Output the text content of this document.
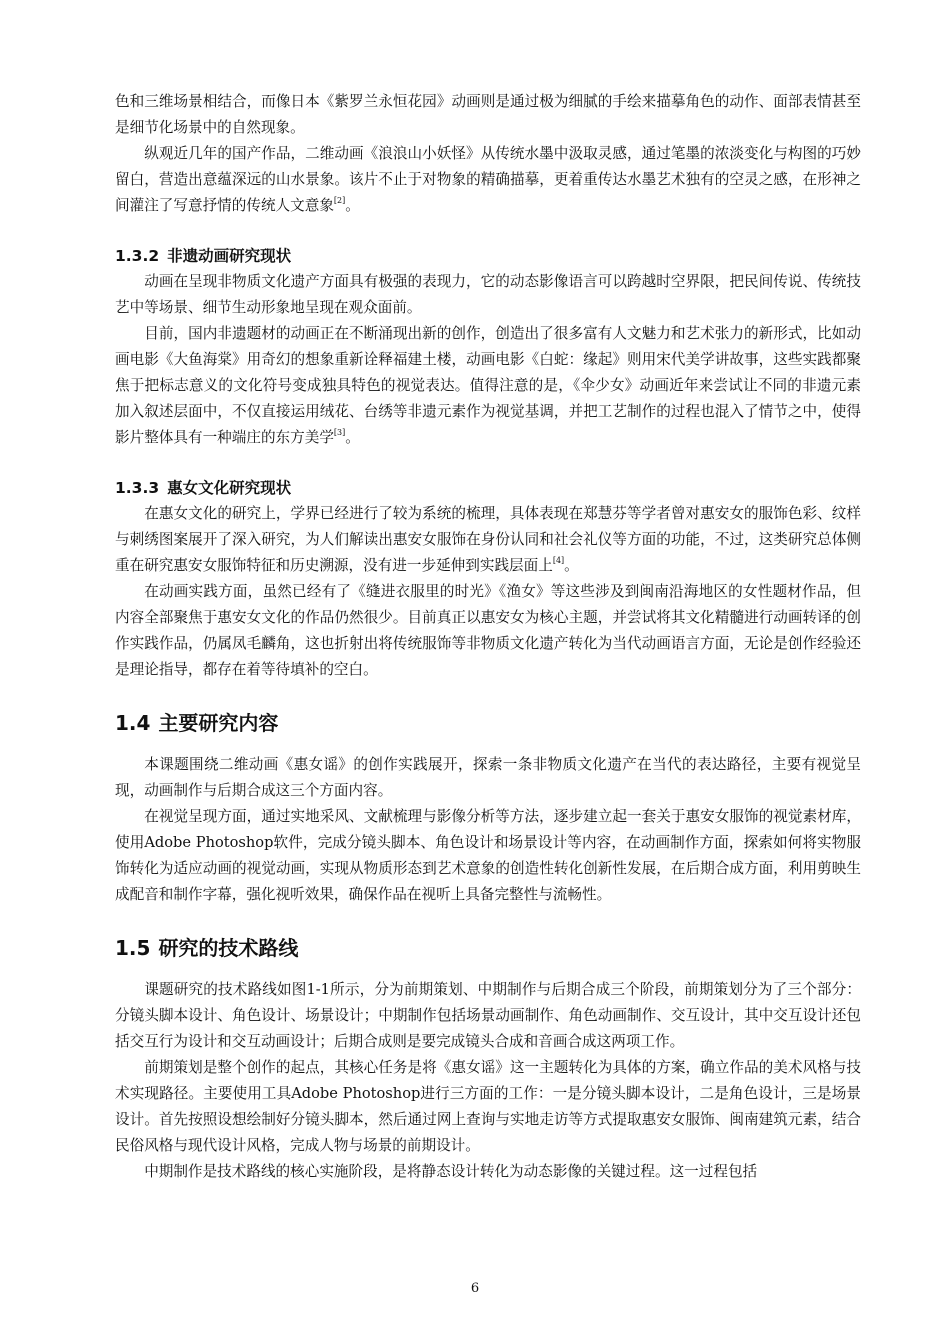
色和三维场景相结合，而像日本《紫罗兰永恒花园》动画则是通过极为细腻的手绘来描摹角色的动作、面部表情甚至是细节化场景中的自然现象。

纵观近几年的国产作品，二维动画《浪浪山小妖怪》从传统水墨中汲取灵感，通过笔墨的浓淡变化与构图的巧妙留白，营造出意蕴深远的山水景象。该片不止于对物象的精确描摹，更着重传达水墨艺术独有的空灵之感，在形神之间灌注了写意抒情的传统人文意象[2]。

1.3.2 非遗动画研究现状

动画在呈现非物质文化遗产方面具有极强的表现力，它的动态影像语言可以跨越时空界限，把民间传说、传统技艺中等场景、细节生动形象地呈现在观众面前。

目前，国内非遗题材的动画正在不断涌现出新的创作，创造出了很多富有人文魅力和艺术张力的新形式，比如动画电影《大鱼海棠》用奇幻的想象重新诠释福建土楼，动画电影《白蛇：缘起》则用宋代美学讲故事，这些实践都聚焦于把标志意义的文化符号变成独具特色的视觉表达。值得注意的是，《伞少女》动画近年来尝试让不同的非遗元素加入叙述层面中，不仅直接运用绒花、台绣等非遗元素作为视觉基调，并把工艺制作的过程也混入了情节之中，使得影片整体具有一种端庄的东方美学[3]。

1.3.3 惠女文化研究现状

在惠女文化的研究上，学界已经进行了较为系统的梳理，具体表现在郑慧芬等学者曾对惠安女的服饰色彩、纹样与刺绣图案展开了深入研究，为人们解读出惠安女服饰在身份认同和社会礼仪等方面的功能，不过，这类研究总体侧重在研究惠安女服饰特征和历史溯源，没有进一步延伸到实践层面上[4]。

在动画实践方面，虽然已经有了《缝进衣服里的时光》《渔女》等这些涉及到闽南沿海地区的女性题材作品，但内容全部聚焦于惠安女文化的作品仍然很少。目前真正以惠安女为核心主题，并尝试将其文化精髓进行动画转译的创作实践作品，仍属凤毛麟角，这也折射出将传统服饰等非物质文化遗产转化为当代动画语言方面，无论是创作经验还是理论指导，都存在着等待填补的空白。

1.4 主要研究内容

本课题围绕二维动画《惠女谣》的创作实践展开，探索一条非物质文化遗产在当代的表达路径，主要有视觉呈现，动画制作与后期合成这三个方面内容。

在视觉呈现方面，通过实地采风、文献梳理与影像分析等方法，逐步建立起一套关于惠安女服饰的视觉素材库，使用Adobe Photoshop软件，完成分镜头脚本、角色设计和场景设计等内容，在动画制作方面，探索如何将实物服饰转化为适应动画的视觉动画，实现从物质形态到艺术意象的创造性转化创新性发展，在后期合成方面，利用剪映生成配音和制作字幕，强化视听效果，确保作品在视听上具备完整性与流畅性。

1.5 研究的技术路线

课题研究的技术路线如图1-1所示，分为前期策划、中期制作与后期合成三个阶段，前期策划分为了三个部分：分镜头脚本设计、角色设计、场景设计；中期制作包括场景动画制作、角色动画制作、交互设计，其中交互设计还包括交互行为设计和交互动画设计；后期合成则是要完成镜头合成和音画合成这两项工作。

前期策划是整个创作的起点，其核心任务是将《惠女谣》这一主题转化为具体的方案，确立作品的美术风格与技术实现路径。主要使用工具Adobe Photoshop进行三方面的工作：一是分镜头脚本设计，二是角色设计，三是场景设计。首先按照设想绘制好分镜头脚本，然后通过网上查询与实地走访等方式提取惠安女服饰、闽南建筑元素，结合民俗风格与现代设计风格，完成人物与场景的前期设计。

中期制作是技术路线的核心实施阶段，是将静态设计转化为动态影像的关键过程。这一过程包括

6
